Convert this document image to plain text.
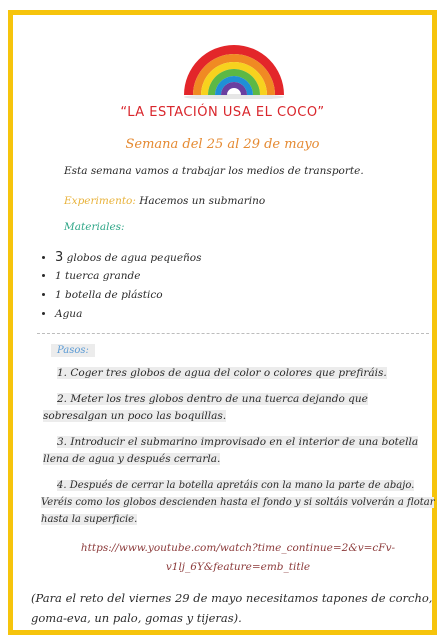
“LA ESTACIÓN USA EL COCO”
Semana del 25 al 29 de mayo
Esta semana vamos a trabajar los medios de transporte.
Experimento: Hacemos un submarino
Materiales:
• 3 globos de agua pequeños
• 1 tuerca grande
• 1 botella de plástico
• Agua
Pasos:
1. Coger tres globos de agua del color o colores que prefiráis.
2. Meter los tres globos dentro de una tuerca dejando que sobresalgan un poco las boquillas.
3. Introducir el submarino improvisado en el interior de una botella llena de agua y después cerrarla.
4. Después de cerrar la botella apretáis con la mano la parte de abajo. Veréis como los globos descienden hasta el fondo y si soltáis volverán a flotar hasta la superficie.
https://www.youtube.com/watch?time_continue=2&v=cFv-v1lj_6Y&feature=emb_title
(Para el reto del viernes 29 de mayo necesitamos tapones de corcho, goma-eva, un palo, gomas y tijeras).
